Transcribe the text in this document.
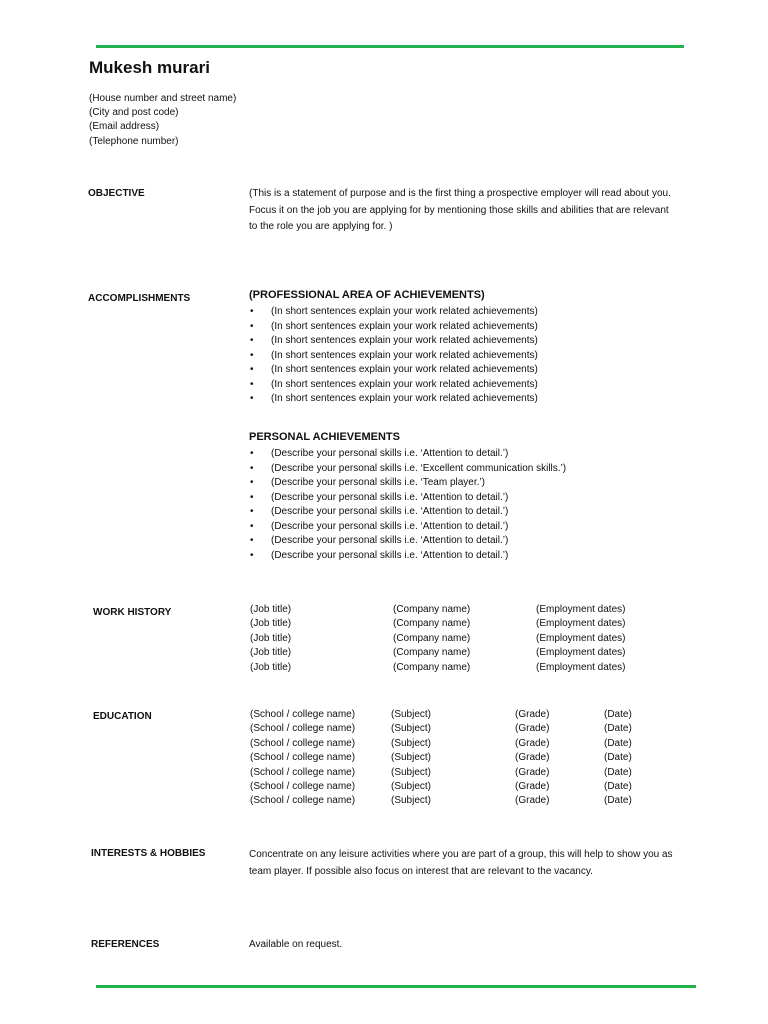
Mukesh murari
(House number and street name)
(City and post code)
(Email address)
(Telephone number)
OBJECTIVE	(This is a statement of purpose and is the first thing a prospective employer will read about you.
Focus it on the job you are applying for by mentioning those skills and abilities that are relevant
to the role you are applying for. )
ACCOMPLISHMENTS	(PROFESSIONAL AREA OF ACHIEVEMENTS)
• (In short sentences explain your work related achievements)
• (In short sentences explain your work related achievements)
• (In short sentences explain your work related achievements)
• (In short sentences explain your work related achievements)
• (In short sentences explain your work related achievements)
• (In short sentences explain your work related achievements)
• (In short sentences explain your work related achievements)
PERSONAL ACHIEVEMENTS
• (Describe your personal skills i.e. ‘Attention to detail.’)
• (Describe your personal skills i.e. ‘Excellent communication skills.’)
• (Describe your personal skills i.e. ‘Team player.’)
• (Describe your personal skills i.e. ‘Attention to detail.’)
• (Describe your personal skills i.e. ‘Attention to detail.’)
• (Describe your personal skills i.e. ‘Attention to detail.’)
• (Describe your personal skills i.e. ‘Attention to detail.’)
• (Describe your personal skills i.e. ‘Attention to detail.’)
WORK HISTORY	(Job title)	(Company name)	(Employment dates)
(Job title)	(Company name)	(Employment dates)
(Job title)	(Company name)	(Employment dates)
(Job title)	(Company name)	(Employment dates)
(Job title)	(Company name)	(Employment dates)
EDUCATION	(School / college name)	(Subject)	(Grade)	(Date)
(School / college name)	(Subject)	(Grade)	(Date)
(School / college name)	(Subject)	(Grade)	(Date)
(School / college name)	(Subject)	(Grade)	(Date)
(School / college name)	(Subject)	(Grade)	(Date)
(School / college name)	(Subject)	(Grade)	(Date)
(School / college name)	(Subject)	(Grade)	(Date)
INTERESTS & HOBBIES	Concentrate on any leisure activities where you are part of a group, this will help to show you as
team player. If possible also focus on interest that are relevant to the vacancy.
REFERENCES	Available on request.
